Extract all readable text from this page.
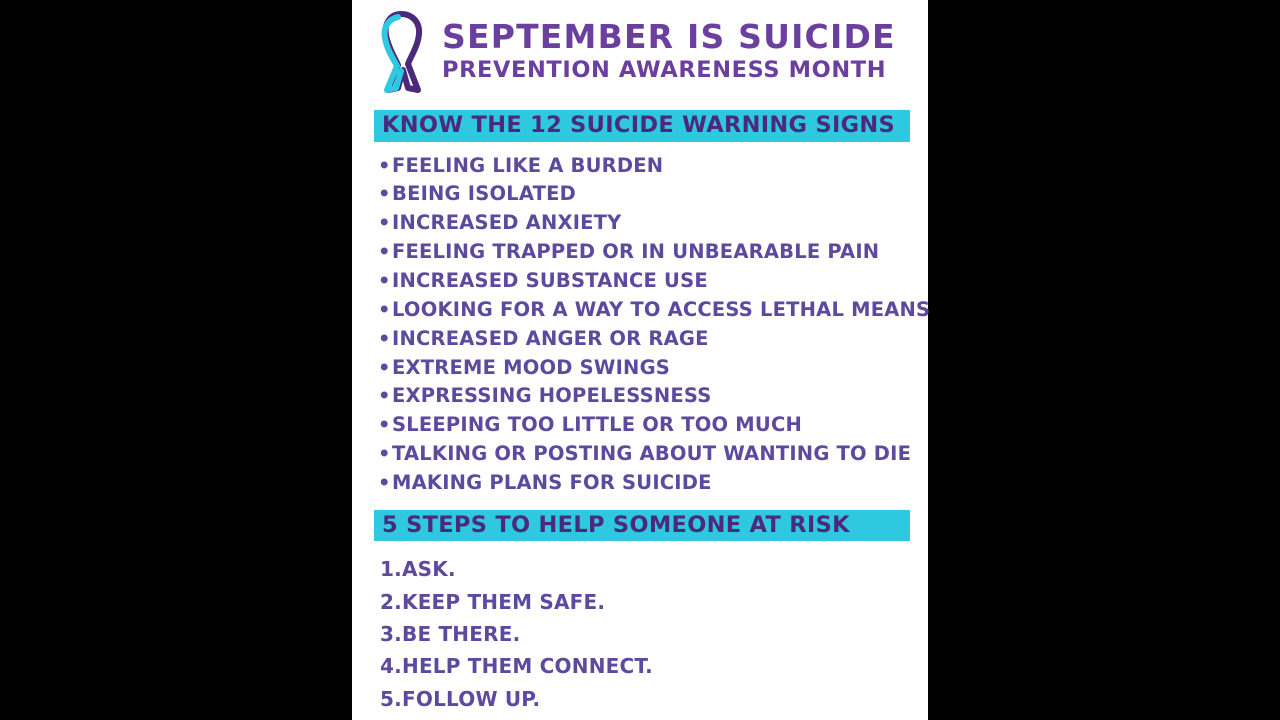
SEPTEMBER IS SUICIDE
PREVENTION AWARENESS MONTH
KNOW THE 12 SUICIDE WARNING SIGNS
•FEELING LIKE A BURDEN
•BEING ISOLATED
•INCREASED ANXIETY
•FEELING TRAPPED OR IN UNBEARABLE PAIN
•INCREASED SUBSTANCE USE
•LOOKING FOR A WAY TO ACCESS LETHAL MEANS
•INCREASED ANGER OR RAGE
•EXTREME MOOD SWINGS
•EXPRESSING HOPELESSNESS
•SLEEPING TOO LITTLE OR TOO MUCH
•TALKING OR POSTING ABOUT WANTING TO DIE
•MAKING PLANS FOR SUICIDE
5 STEPS TO HELP SOMEONE AT RISK
1.ASK.
2.KEEP THEM SAFE.
3.BE THERE.
4.HELP THEM CONNECT.
5.FOLLOW UP.
